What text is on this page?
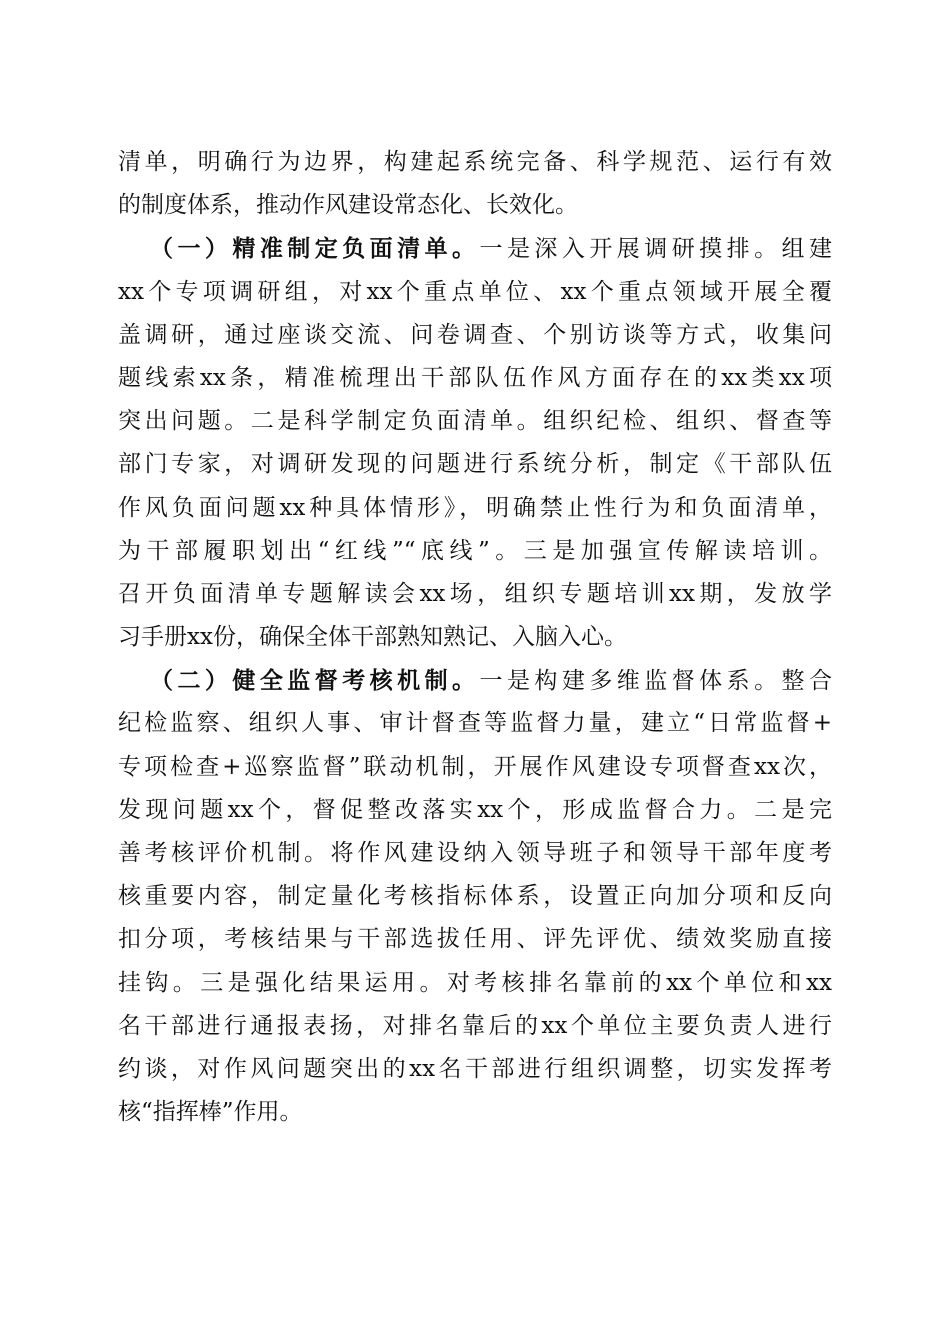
清单，明确行为边界，构建起系统完备、科学规范、运行有效
的制度体系，推动作风建设常态化、长效化。
（一）精准制定负面清单。一是深入开展调研摸排。组建
xx个专项调研组，对xx个重点单位、xx个重点领域开展全覆
盖调研，通过座谈交流、问卷调查、个别访谈等方式，收集问
题线索xx条，精准梳理出干部队伍作风方面存在的xx类xx项
突出问题。二是科学制定负面清单。组织纪检、组织、督查等
部门专家，对调研发现的问题进行系统分析，制定《干部队伍
作风负面问题xx种具体情形》，明确禁止性行为和负面清单，
为干部履职划出“红线”“底线”。三是加强宣传解读培训。
召开负面清单专题解读会xx场，组织专题培训xx期，发放学
习手册xx份，确保全体干部熟知熟记、入脑入心。
（二）健全监督考核机制。一是构建多维监督体系。整合
纪检监察、组织人事、审计督查等监督力量，建立“日常监督+
专项检查+巡察监督”联动机制，开展作风建设专项督查xx次，
发现问题xx个，督促整改落实xx个，形成监督合力。二是完
善考核评价机制。将作风建设纳入领导班子和领导干部年度考
核重要内容，制定量化考核指标体系，设置正向加分项和反向
扣分项，考核结果与干部选拔任用、评先评优、绩效奖励直接
挂钩。三是强化结果运用。对考核排名靠前的xx个单位和xx
名干部进行通报表扬，对排名靠后的xx个单位主要负责人进行
约谈，对作风问题突出的xx名干部进行组织调整，切实发挥考
核“指挥棒”作用。
